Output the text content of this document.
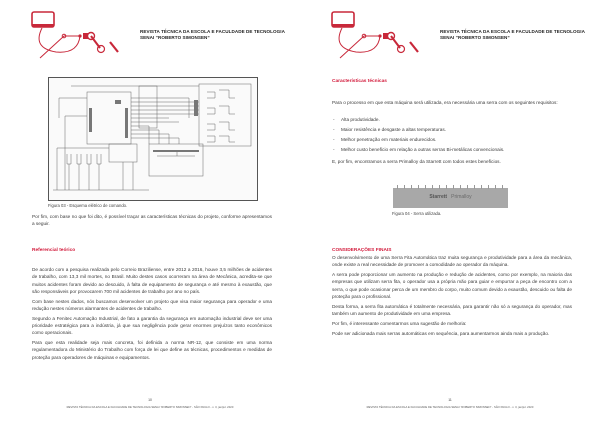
REVISTA TÉCNICA DA ESCOLA E FACULDADE DE TECNOLOGIA
SENAI “ROBERTO SIMONSEN”
Figura 03 - Esquema elétrico de comando.

Por fim, com base no que foi dito, é possível traçar as características técnicas do projeto, conforme apresentamos a seguir.

Referencial teórico

De acordo com a pesquisa realizada pelo Correio Braziliense, entre 2012 a 2016, houve 3,5 milhões de acidentes de trabalho, com 13,3 mil mortes, no Brasil. Muito destes casos ocorreram na área de Mecânica, acredita-se que muitos acidentes foram devido ao descuido, à falta de equipamento de segurança e até mesmo à exaustão, que são responsáveis por provocarem 700 mil acidentes de trabalho por ano no país.

Com base nestes dados, nós buscamos desenvolver um projeto que visa maior segurança para operador e uma redução nestes números alarmantes de acidentes de trabalho.

Segundo a Fenitec Automação Industrial, de fato a garantia da segurança em automação industrial deve ser uma prioridade estratégica para a indústria, já que sua negligência pode gerar enormes prejuízos tanto econômicos como operacionais.

Para que esta realidade seja mais concreta, foi definida a norma NR-12, que consiste em uma norma regulamentadora do Ministério do Trabalho com força de lei que define as técnicas, procedimentos e medidas de proteção para operadores de máquinas e equipamentos.

10
REVISTA TÉCNICA DA ESCOLA E FACULDADE DE TECNOLOGIA SENAI “ROBERTO SIMONSEN” - SÃO PAULO - v. 3, jan/jul. 2020
REVISTA TÉCNICA DA ESCOLA E FACULDADE DE TECNOLOGIA
SENAI “ROBERTO SIMONSEN”
Características técnicas

Para o processo em que esta máquina será utilizada, era necessária uma serra com os seguintes requisitos:

- Alta produtividade.
- Maior resistência e desgaste a altas temperaturas.
- Melhor penetração em materiais endurecidos.
- Melhor custo benefício em relação a outras serras Bi-metálicas convencionais.

E, por fim, encontramos a serra Primalloy da Starrett com todos estes benefícios.

CONSIDERAÇÕES FINAIS

O desenvolvimento de uma Serra Fita Automática traz muita segurança e produtividade para a área da mecânica, onde existe a real necessidade de promover a comodidade ao operador da máquina.

A serra pode proporcionar um aumento na produção e redução de acidentes, como por exemplo, na maioria das empresas que utilizam serra fita, o operador usa a própria mão para guiar e empurrar a peça de encontro com a serra, o que pode ocasionar perca de um membro do corpo, muito comum devido a exaustão, descuido ou falta de proteção para o profissional.

Desta forma, a serra fita automática é totalmente necessária, para garantir não só a segurança do operador, mas também um aumento de produtividade em uma empresa.

Por fim, é interessante comentarmos uma sugestão de melhoria:

Pode ser adicionada mais serras automáticas em sequência, para aumentarmos ainda mais a produção.

11
REVISTA TÉCNICA DA ESCOLA E FACULDADE DE TECNOLOGIA SENAI “ROBERTO SIMONSEN” - SÃO PAULO - v. 3, jan/jul. 2020
Starrett Primalloy
Figura 04 - Serra utilizada.
